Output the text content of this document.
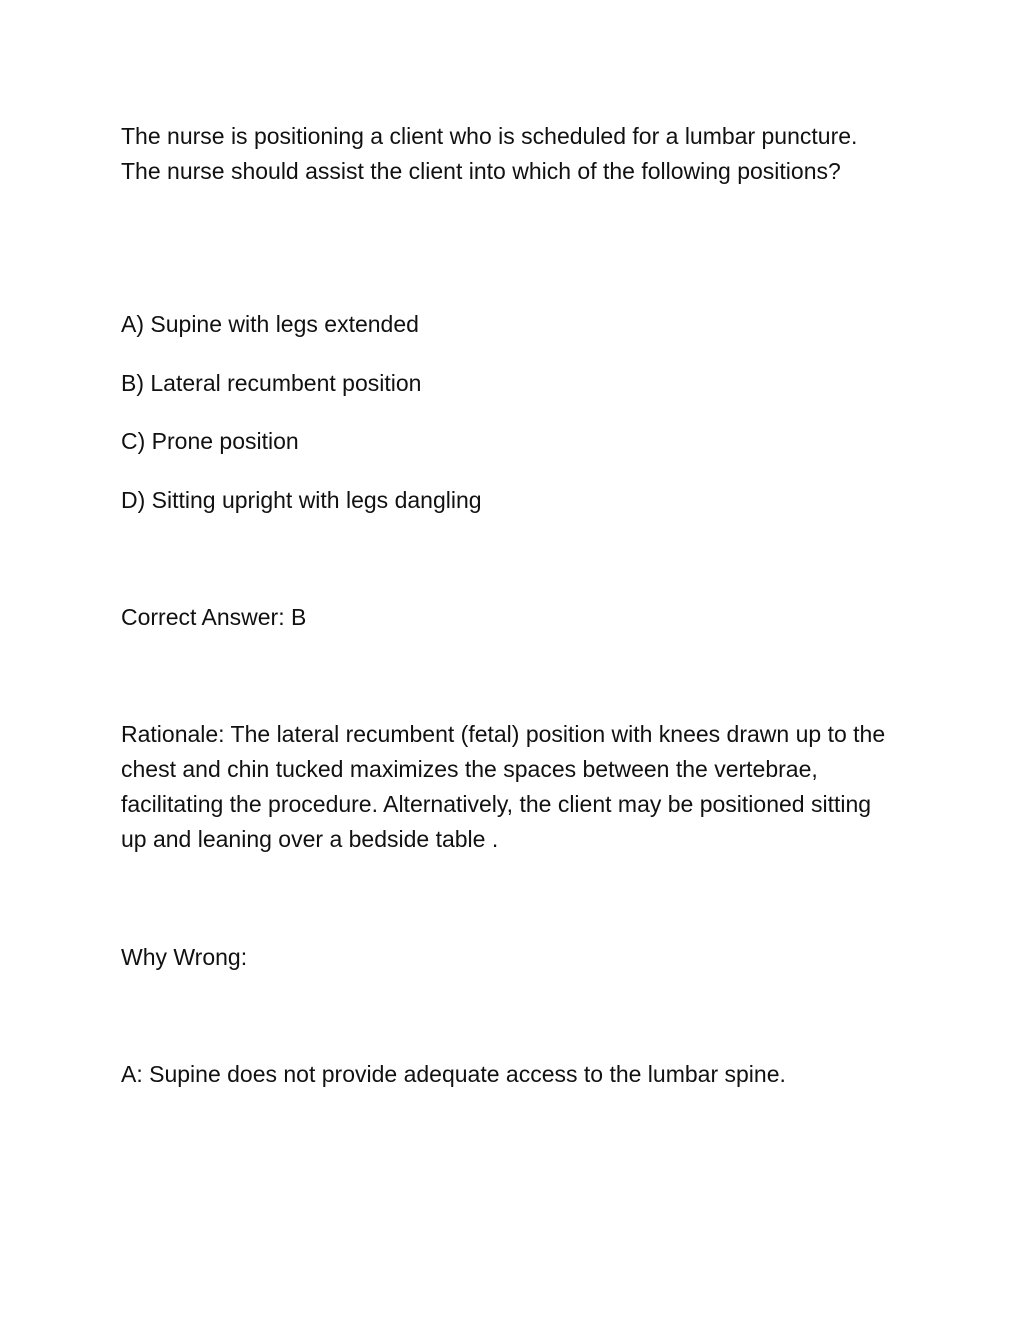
The nurse is positioning a client who is scheduled for a lumbar puncture. The nurse should assist the client into which of the following positions?

A) Supine with legs extended

B) Lateral recumbent position

C) Prone position

D) Sitting upright with legs dangling

Correct Answer: B

Rationale: The lateral recumbent (fetal) position with knees drawn up to the chest and chin tucked maximizes the spaces between the vertebrae, facilitating the procedure. Alternatively, the client may be positioned sitting up and leaning over a bedside table .

Why Wrong:

A: Supine does not provide adequate access to the lumbar spine.
